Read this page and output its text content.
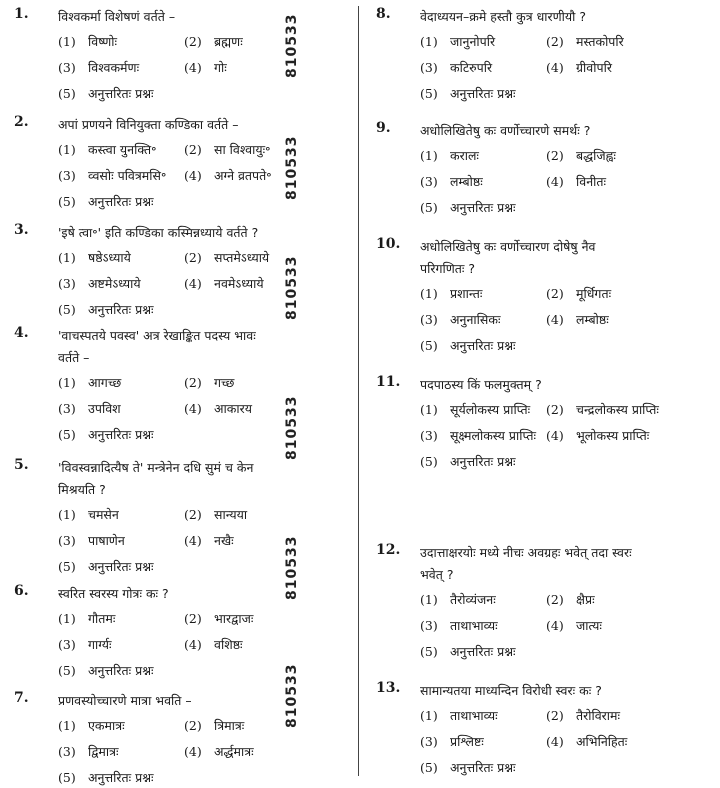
1.	विश्वकर्मा विशेषणं वर्तते –
(1) विष्णोः	(2) ब्रह्मणः
(3) विश्वकर्मणः	(4) गोः
(5) अनुत्तरितः प्रश्नः
2.	अपां प्रणयने विनियुक्ता कण्डिका वर्तते –
(1) कस्त्वा युनक्ति॰ (2) सा विश्वायुः॰
(3) व्वसोः पवित्रमसि॰ (4) अग्ने व्रतपते॰
(5) अनुत्तरितः प्रश्नः
3.	'इषे त्वा॰' इति कण्डिका कस्मिन्नध्याये वर्तते ?
(1) षष्ठेऽध्याये	(2) सप्तमेऽध्याये
(3) अष्टमेऽध्याये	(4) नवमेऽध्याये
(5) अनुत्तरितः प्रश्नः
4.	'वाचस्पतये पवस्व' अत्र रेखाङ्कित पदस्य भावः
वर्तते –
(1) आगच्छ	(2) गच्छ
(3) उपविश	(4) आकारय
(5) अनुत्तरितः प्रश्नः
5.	'विवस्वन्नादित्यैष ते' मन्त्रेनेन दधि सुमं च केन
मिश्रयति ?
(1) चमसेन	(2) सान्यया
(3) पाषाणेन	(4) नखैः
(5) अनुत्तरितः प्रश्नः
6.	स्वरित स्वरस्य गोत्रः कः ?
(1) गौतमः	(2) भारद्वाजः
(3) गार्ग्यः	(4) वशिष्ठः
(5) अनुत्तरितः प्रश्नः
7.	प्रणवस्योच्चारणे मात्रा भवति –
(1) एकमात्रः	(2) त्रिमात्रः
(3) द्विमात्रः	(4) अर्द्धमात्रः
(5) अनुत्तरितः प्रश्नः
8.	वेदाध्ययन–क्रमे हस्तौ कुत्र धारणीयौ ?
(1) जानुनोपरि	(2) मस्तकोपरि
(3) कटिरुपरि	(4) ग्रीवोपरि
(5) अनुत्तरितः प्रश्नः
9.	अधोलिखितेषु कः वर्णोच्चारणे समर्थः ?
(1) करालः	(2) बद्धजिह्वः
(3) लम्बोष्ठः	(4) विनीतः
(5) अनुत्तरितः प्रश्नः
10.	अधोलिखितेषु कः वर्णोच्चारण दोषेषु नैव
परिगणितः ?
(1) प्रशान्तः	(2) मूर्धिगतः
(3) अनुनासिकः	(4) लम्बोष्ठः
(5) अनुत्तरितः प्रश्नः
11.	पदपाठस्य किं फलमुक्तम् ?
(1) सूर्यलोकस्य प्राप्तिः (2) चन्द्रलोकस्य प्राप्तिः
(3) सूक्ष्मलोकस्य प्राप्तिः (4) भूलोकस्य प्राप्तिः
(5) अनुत्तरितः प्रश्नः
12.	उदात्ताक्षरयोः मध्ये नीचः अवग्रहः भवेत् तदा स्वरः
भवेत् ?
(1) तैरोव्यंजनः	(2) क्षैप्रः
(3) ताथाभाव्यः	(4) जात्यः
(5) अनुत्तरितः प्रश्नः
13.	सामान्यतया माध्यन्दिन विरोधी स्वरः कः ?
(1) ताथाभाव्यः	(2) तैरोविरामः
(3) प्रश्लिष्टः	(4) अभिनिहितः
(5) अनुत्तरितः प्रश्नः
810533
810533
810533
810533
810533
810533
